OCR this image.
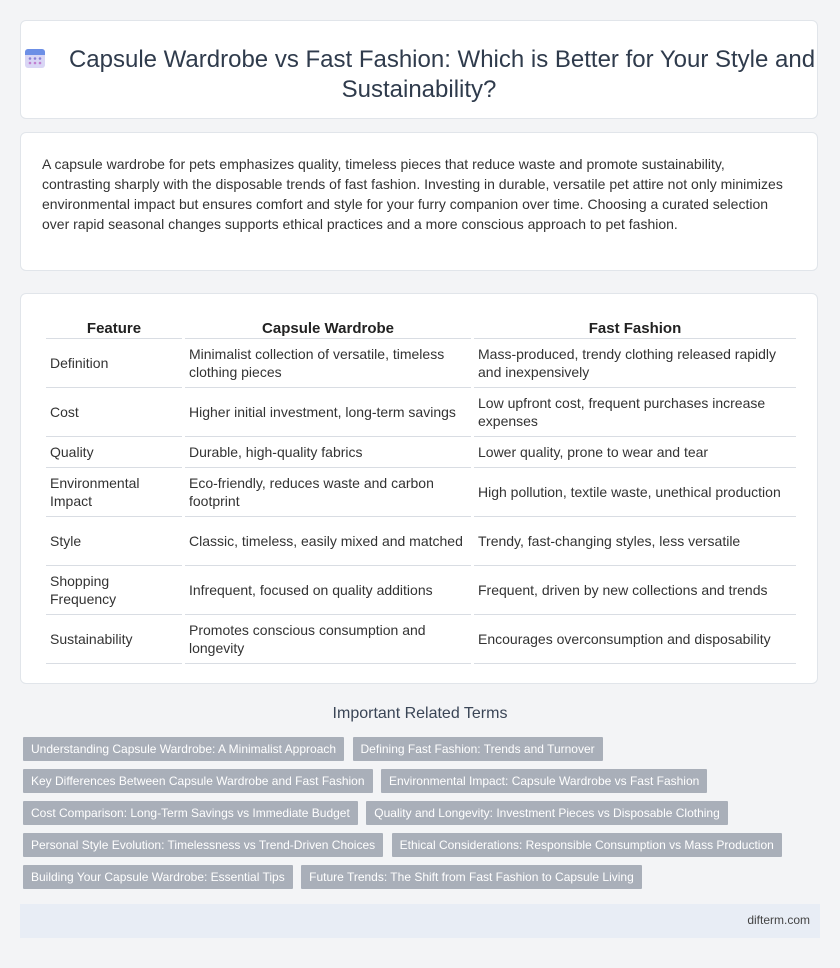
Capsule Wardrobe vs Fast Fashion: Which is Better for Your Style and Sustainability?

A capsule wardrobe for pets emphasizes quality, timeless pieces that reduce waste and promote sustainability, contrasting sharply with the disposable trends of fast fashion. Investing in durable, versatile pet attire not only minimizes environmental impact but ensures comfort and style for your furry companion over time. Choosing a curated selection over rapid seasonal changes supports ethical practices and a more conscious approach to pet fashion.

Feature	Capsule Wardrobe	Fast Fashion
Definition	Minimalist collection of versatile, timeless clothing pieces	Mass-produced, trendy clothing released rapidly and inexpensively
Cost	Higher initial investment, long-term savings	Low upfront cost, frequent purchases increase expenses
Quality	Durable, high-quality fabrics	Lower quality, prone to wear and tear
Environmental Impact	Eco-friendly, reduces waste and carbon footprint	High pollution, textile waste, unethical production
Style	Classic, timeless, easily mixed and matched	Trendy, fast-changing styles, less versatile
Shopping Frequency	Infrequent, focused on quality additions	Frequent, driven by new collections and trends
Sustainability	Promotes conscious consumption and longevity	Encourages overconsumption and disposability
Important Related Terms
Understanding Capsule Wardrobe: A Minimalist Approach Defining Fast Fashion: Trends and Turnover Key Differences Between Capsule Wardrobe and Fast Fashion Environmental Impact: Capsule Wardrobe vs Fast Fashion Cost Comparison: Long-Term Savings vs Immediate Budget Quality and Longevity: Investment Pieces vs Disposable Clothing Personal Style Evolution: Timelessness vs Trend-Driven Choices Ethical Considerations: Responsible Consumption vs Mass Production Building Your Capsule Wardrobe: Essential Tips Future Trends: The Shift from Fast Fashion to Capsule Living
difterm.com
